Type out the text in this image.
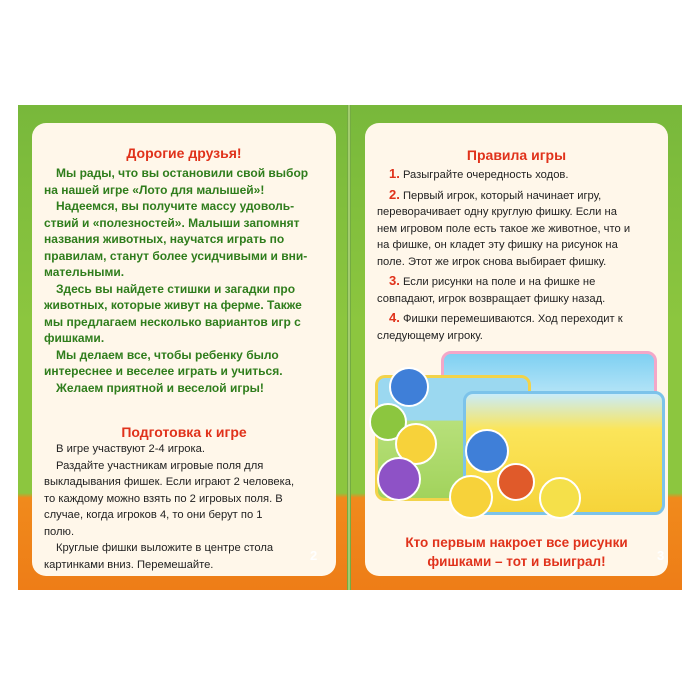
Дорогие друзья!
Мы рады, что вы остановили свой выбор
на нашей игре «Лото для малышей»!
Надеемся, вы получите массу удоволь-
ствий и «полезностей». Малыши запомнят
названия животных, научатся играть по
правилам, станут более усидчивыми и вни-
мательными.
Здесь вы найдете стишки и загадки про
животных, которые живут на ферме. Также
мы предлагаем несколько вариантов игр с
фишками.
Мы делаем все, чтобы ребенку было
интереснее и веселее играть и учиться.
Желаем приятной и веселой игры!
Подготовка к игре
В игре участвуют 2-4 игрока.
Раздайте участникам игровые поля для
выкладывания фишек. Если играют 2 человека,
то каждому можно взять по 2 игровых поля. В
случае, когда игроков 4, то они берут по 1
полю.
Круглые фишки выложите в центре стола
картинками вниз. Перемешайте.
2
Правила игры
1. Разыграйте очередность ходов.
2. Первый игрок, который начинает игру,
переворачивает одну круглую фишку. Если на
нем игровом поле есть такое же животное, что и
на фишке, он кладет эту фишку на рисунок на
поле. Этот же игрок снова выбирает фишку.
3. Если рисунки на поле и на фишке не
совпадают, игрок возвращает фишку назад.
4. Фишки перемешиваются. Ход переходит к
следующему игроку.
Кто первым накроет все рисунки
фишками – тот и выиграл!	3
